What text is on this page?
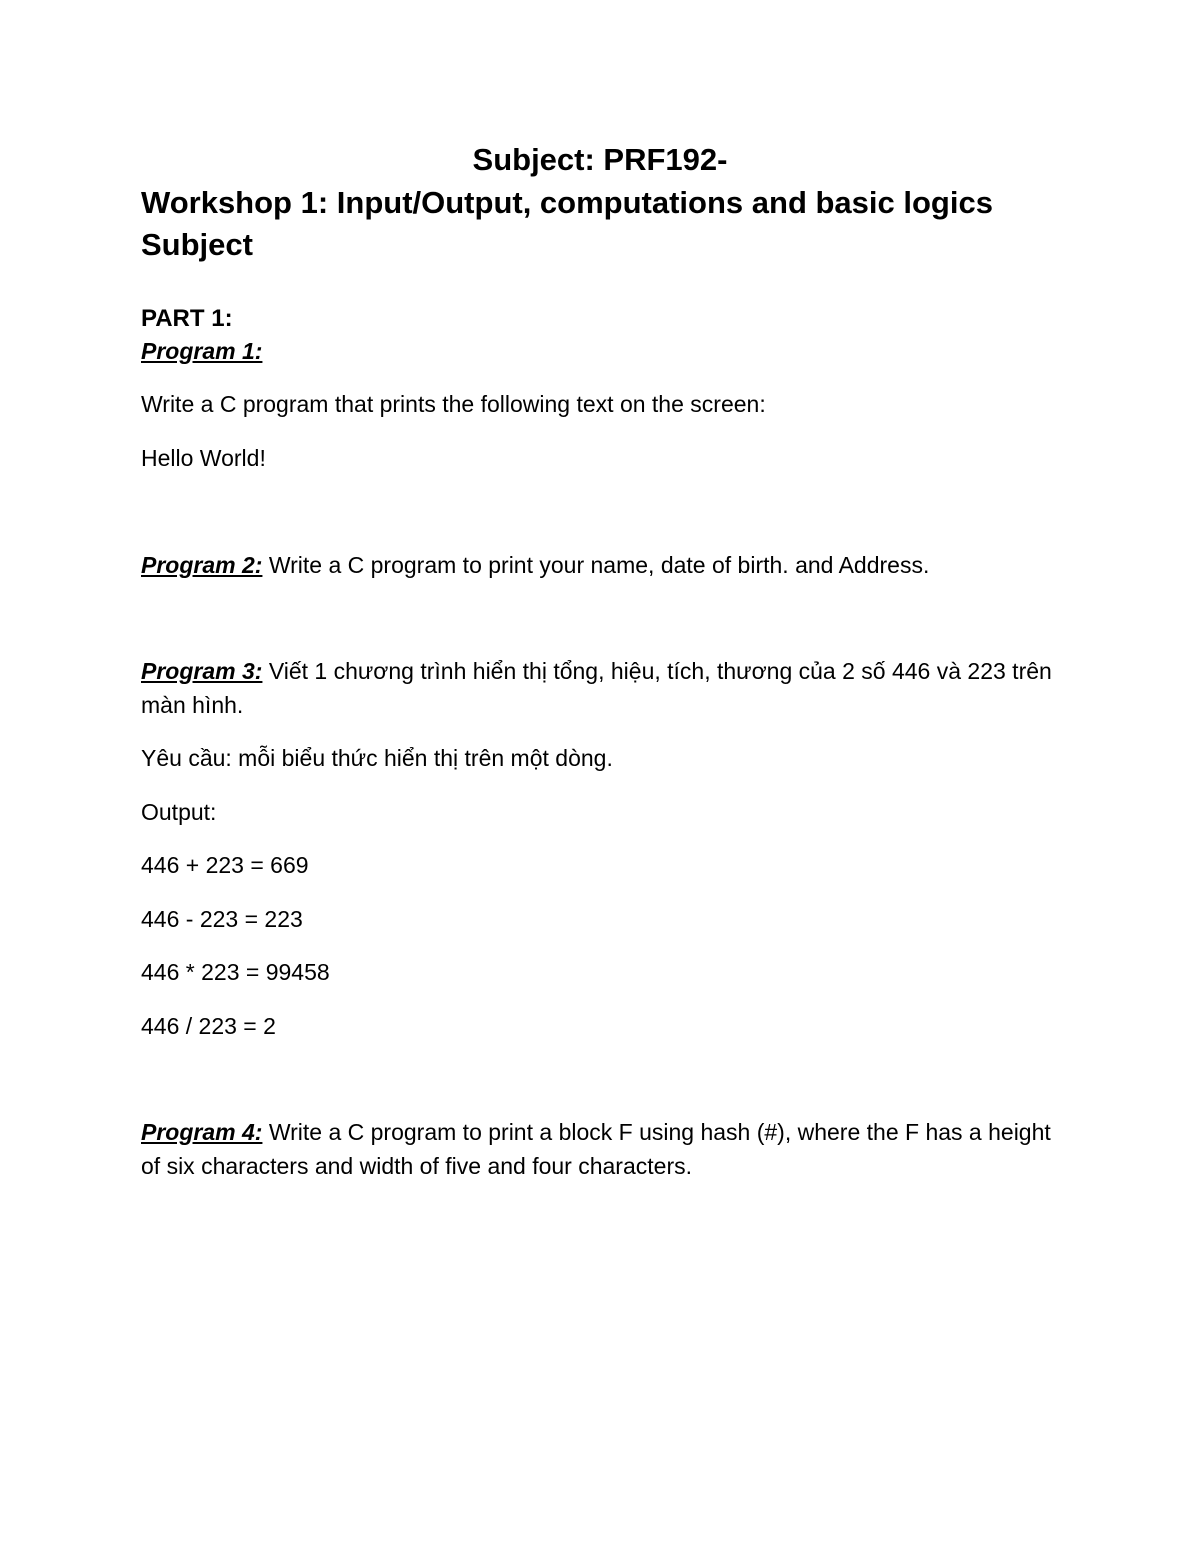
Subject: PRF192-
Workshop 1: Input/Output, computations and basic logics Subject
PART 1:
Program 1:
Write a C program that prints the following text on the screen:
Hello World!
Program 2: Write a C program to print your name, date of birth. and Address.
Program 3: Viết 1 chương trình hiển thị tổng, hiệu, tích, thương của 2 số 446 và 223 trên màn hình.
Yêu cầu: mỗi biểu thức hiển thị trên một dòng.
Output:
446 + 223 = 669
446 - 223 = 223
446 * 223 = 99458
446 / 223 = 2
Program 4: Write a C program to print a block F using hash (#), where the F has a height of six characters and width of five and four characters.
